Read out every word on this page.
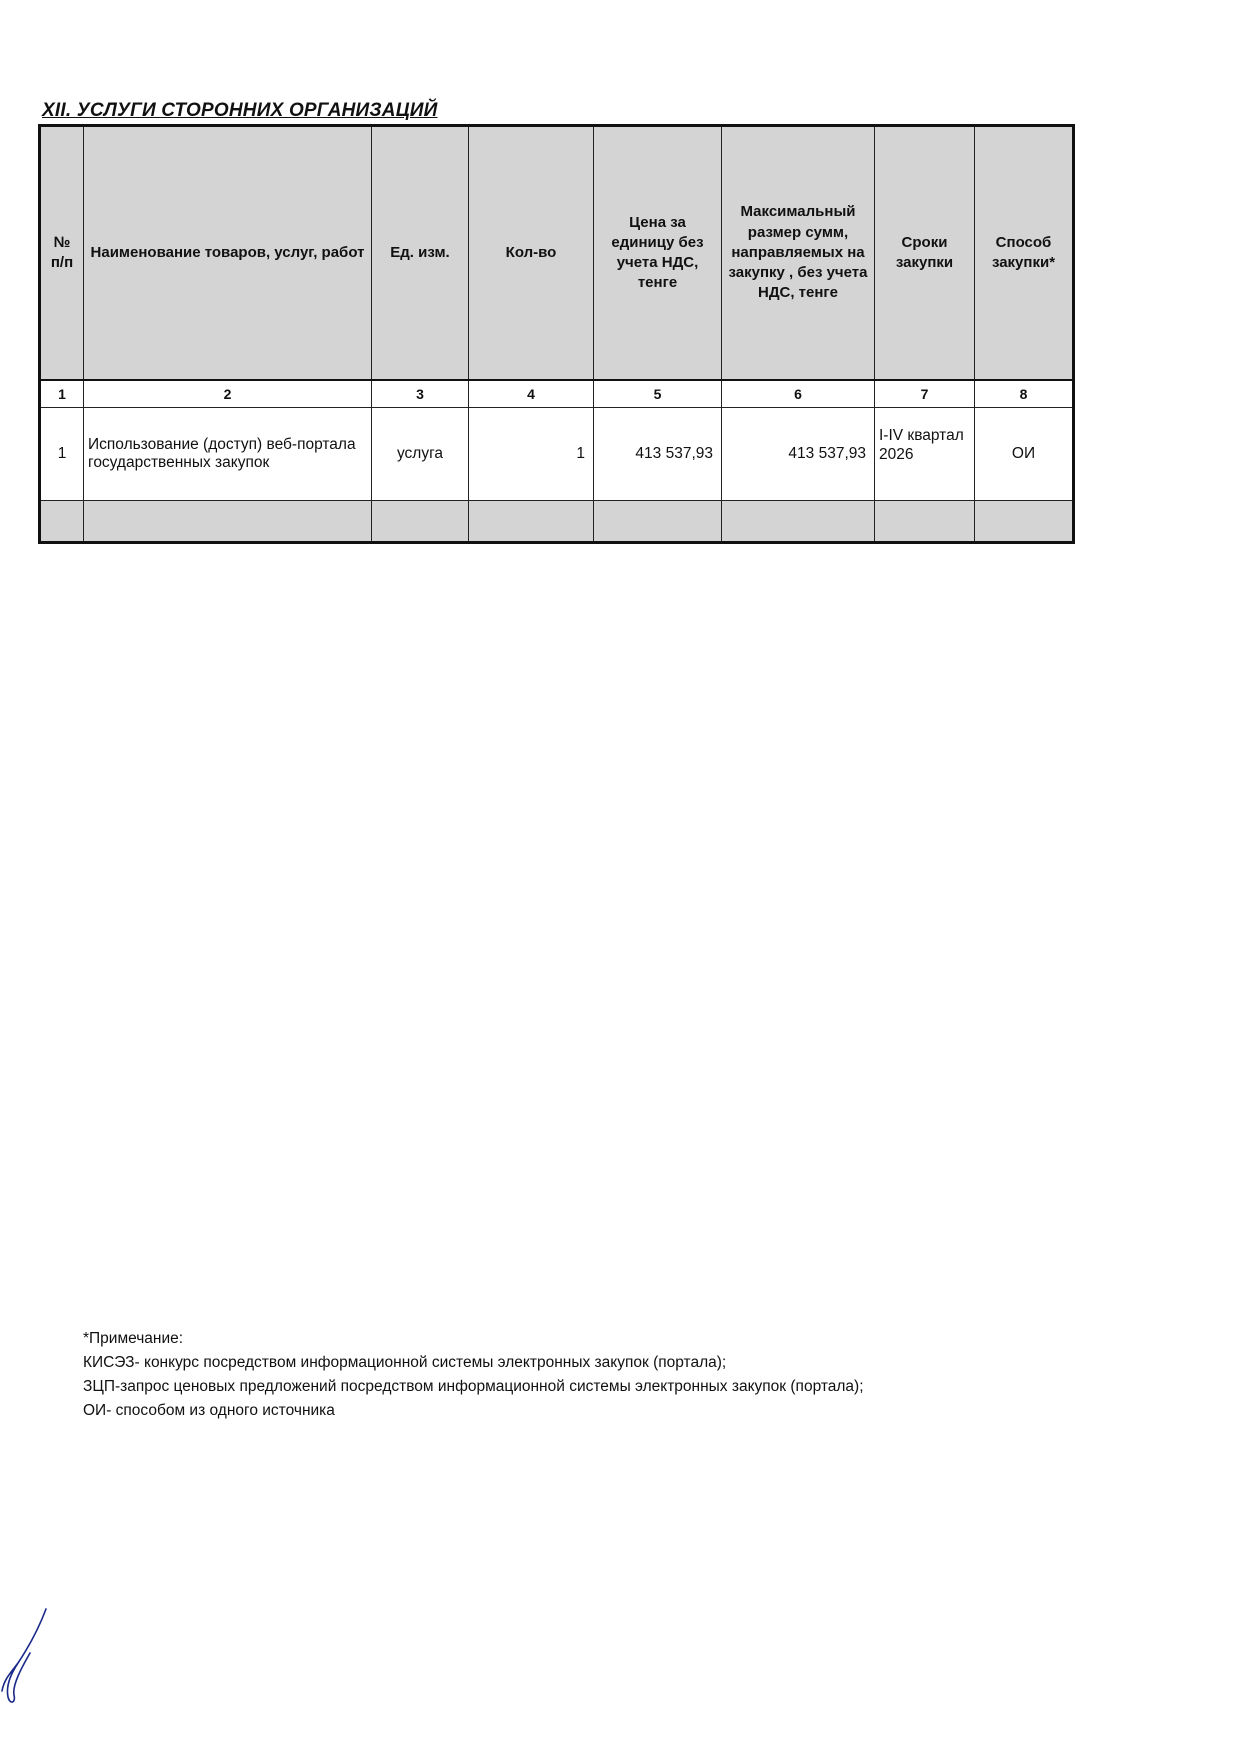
XII. УСЛУГИ СТОРОННИХ ОРГАНИЗАЦИЙ
№ п/п	Наименование товаров, услуг, работ	Ед. изм.	Кол-во	Цена за единицу без учета НДС, тенге	Максимальный размер сумм, направляемых на закупку , без учета НДС, тенге	Сроки закупки	Способ закупки*
1	2	3	4	5	6	7	8
1	Использование (доступ) веб-портала государственных закупок	услуга	1	413 537,93	413 537,93	I-IV квартал 2026	ОИ

*Примечание:
КИСЭЗ- конкурс посредством информационной системы электронных закупок (портала);
ЗЦП-запрос ценовых предложений посредством информационной системы электронных закупок (портала);
ОИ- способом из одного источника
